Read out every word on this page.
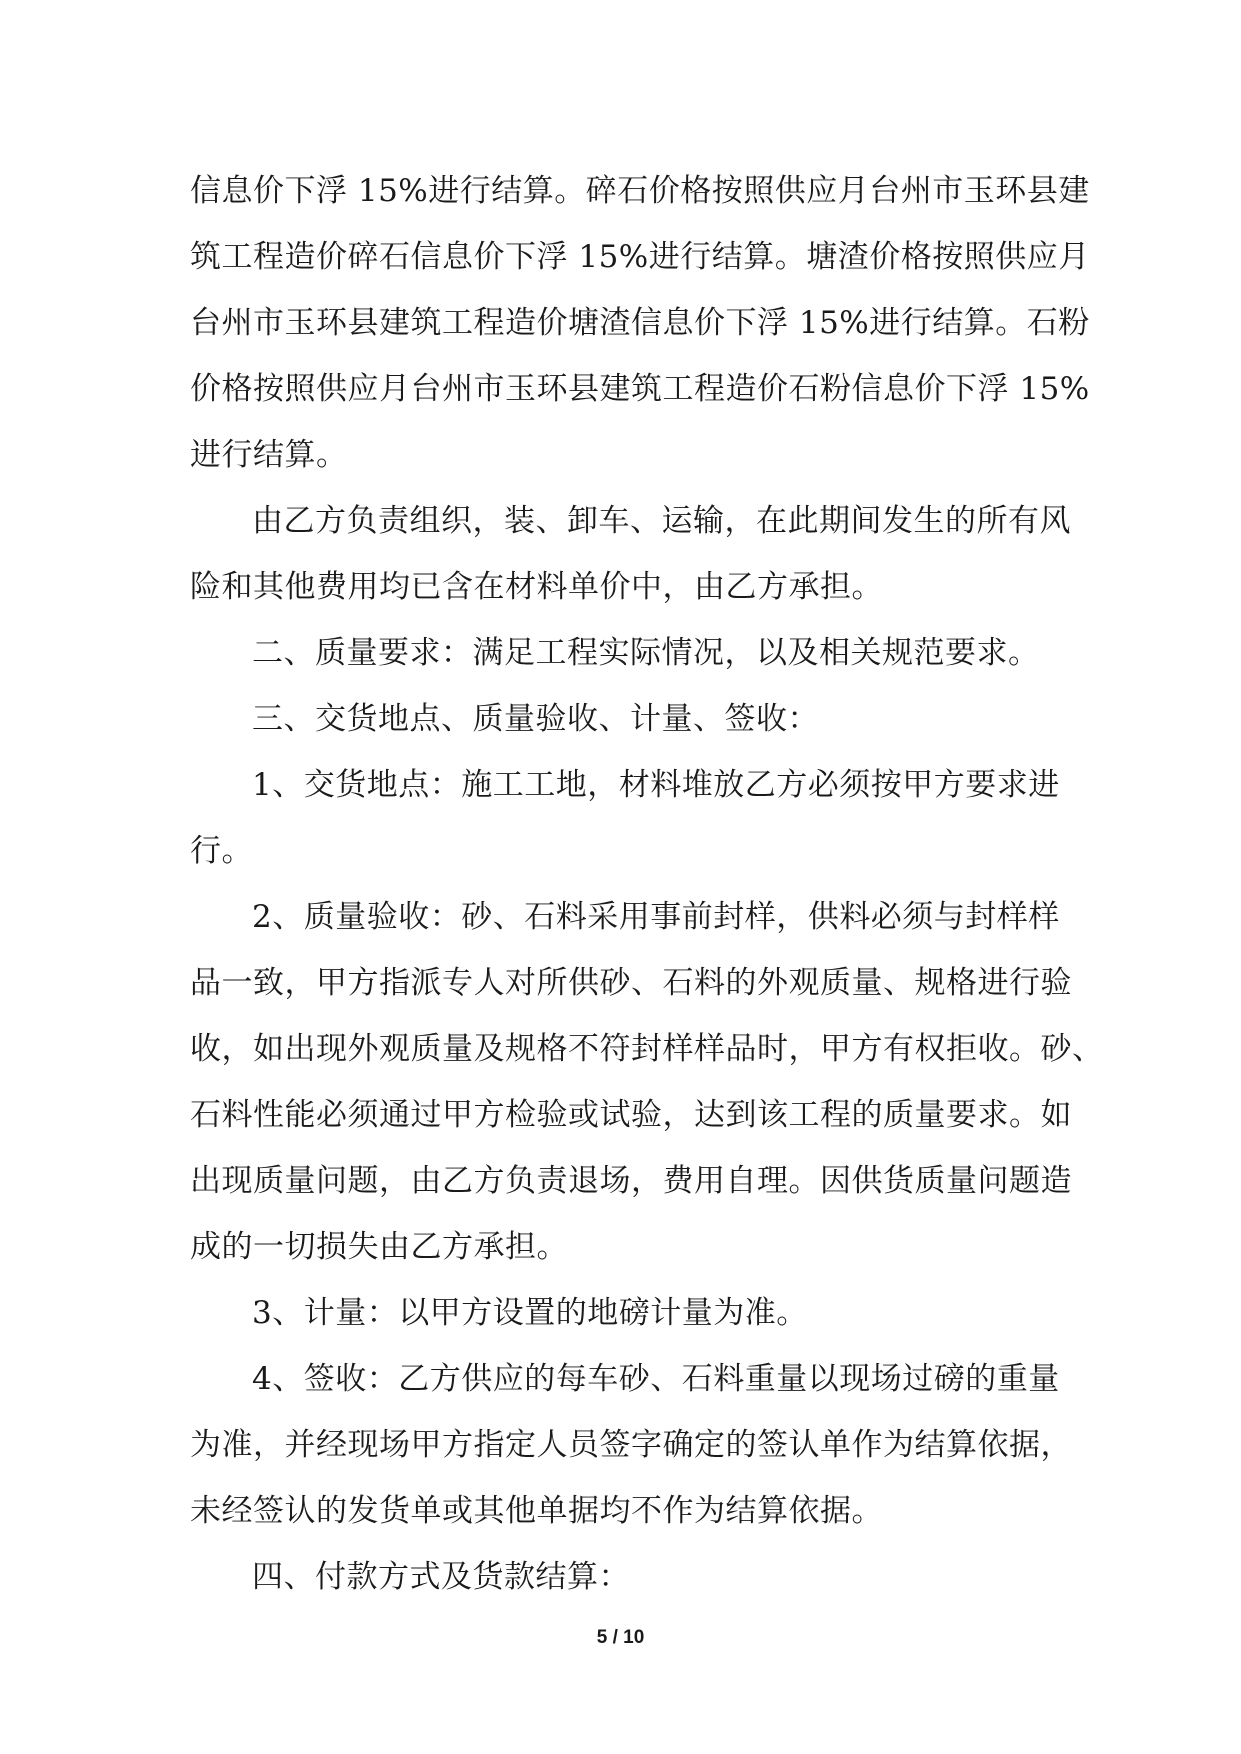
信息价下浮 15%进行结算。碎石价格按照供应月台州市玉环县建
筑工程造价碎石信息价下浮 15%进行结算。塘渣价格按照供应月
台州市玉环县建筑工程造价塘渣信息价下浮 15%进行结算。石粉
价格按照供应月台州市玉环县建筑工程造价石粉信息价下浮 15%
进行结算。
由乙方负责组织，装、卸车、运输，在此期间发生的所有风
险和其他费用均已含在材料单价中，由乙方承担。
二、质量要求：满足工程实际情况，以及相关规范要求。
三、交货地点、质量验收、计量、签收：
1、交货地点：施工工地，材料堆放乙方必须按甲方要求进
行。
2、质量验收：砂、石料采用事前封样，供料必须与封样样
品一致，甲方指派专人对所供砂、石料的外观质量、规格进行验
收，如出现外观质量及规格不符封样样品时，甲方有权拒收。砂、
石料性能必须通过甲方检验或试验，达到该工程的质量要求。如
出现质量问题，由乙方负责退场，费用自理。因供货质量问题造
成的一切损失由乙方承担。
3、计量：以甲方设置的地磅计量为准。
4、签收：乙方供应的每车砂、石料重量以现场过磅的重量
为准，并经现场甲方指定人员签字确定的签认单作为结算依据，
未经签认的发货单或其他单据均不作为结算依据。
四、付款方式及货款结算：
5 / 10
